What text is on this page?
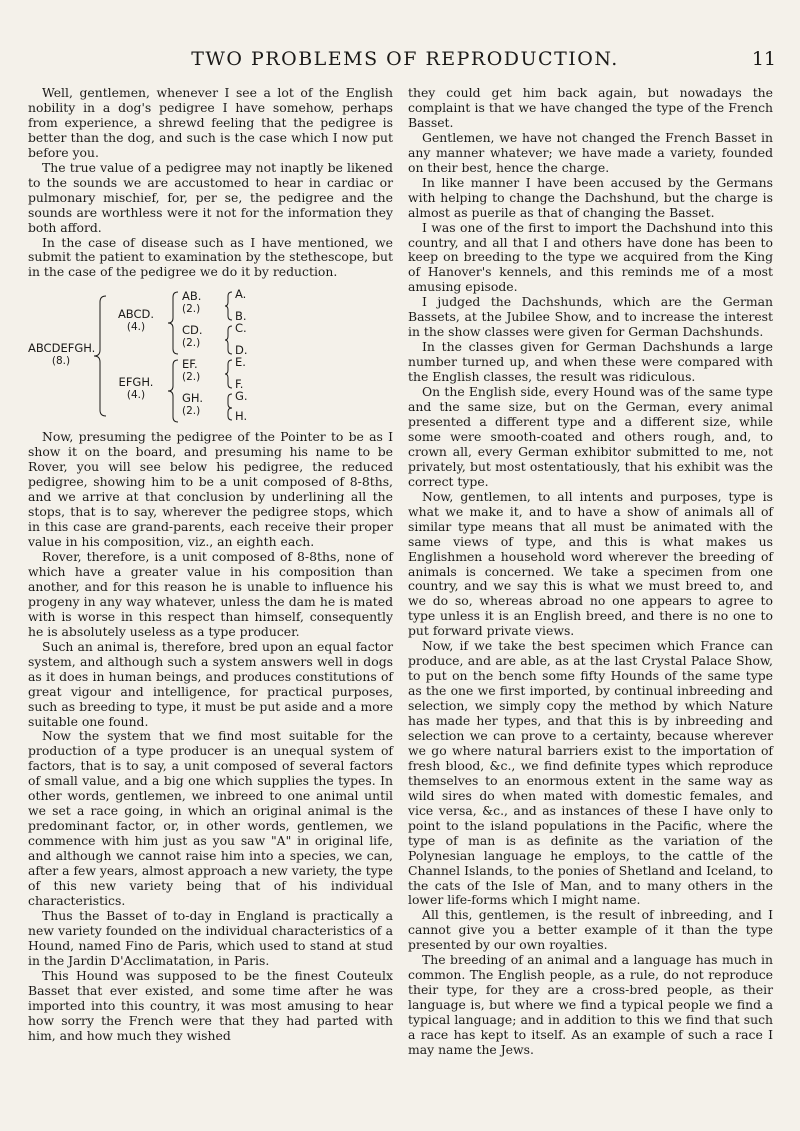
TWO PROBLEMS OF REPRODUCTION.	11

Well, gentlemen, whenever I see a lot of the English nobility in a dog's pedigree I have somehow, perhaps from experience, a shrewd feeling that the pedigree is better than the dog, and such is the case which I now put before you.

The true value of a pedigree may not inaptly be likened to the sounds we are accustomed to hear in cardiac or pulmonary mischief, for, per se, the pedigree and the sounds are worthless were it not for the information they both afford.

In the case of disease such as I have mentioned, we submit the patient to examination by the stethescope, but in the case of the pedigree we do it by reduction.

ABCDEFGH.
(8.)
ABCD.
(4.)
EFGH.
(4.)
AB.
(2.)
CD.
(2.)
EF.
(2.)
GH.
(2.)
A.
B.
C.
D.
E.
F.
G.
H.

Now, presuming the pedigree of the Pointer to be as I show it on the board, and presuming his name to be Rover, you will see below his pedigree, the reduced pedigree, showing him to be a unit composed of 8-8ths, and we arrive at that conclusion by underlining all the stops, that is to say, wherever the pedigree stops, which in this case are grand-parents, each receive their proper value in his composition, viz., an eighth each.

Rover, therefore, is a unit composed of 8-8ths, none of which have a greater value in his composition than another, and for this reason he is unable to influence his progeny in any way whatever, unless the dam he is mated with is worse in this respect than himself, consequently he is absolutely useless as a type producer.

Such an animal is, therefore, bred upon an equal factor system, and although such a system answers well in dogs as it does in human beings, and produces constitutions of great vigour and intelligence, for practical purposes, such as breeding to type, it must be put aside and a more suitable one found.

Now the system that we find most suitable for the production of a type producer is an unequal system of factors, that is to say, a unit composed of several factors of small value, and a big one which supplies the types. In other words, gentlemen, we inbreed to one animal until we set a race going, in which an original animal is the predominant factor, or, in other words, gentlemen, we commence with him just as you saw "A" in original life, and although we cannot raise him into a species, we can, after a few years, almost approach a new variety, the type of this new variety being that of his individual characteristics.

Thus the Basset of to-day in England is practically a new variety founded on the individual characteristics of a Hound, named Fino de Paris, which used to stand at stud in the Jardin D'Acclimatation, in Paris.

This Hound was supposed to be the finest Couteulx Basset that ever existed, and some time after he was imported into this country, it was most amusing to hear how sorry the French were that they had parted with him, and how much they wished

they could get him back again, but nowadays the complaint is that we have changed the type of the French Basset.

Gentlemen, we have not changed the French Basset in any manner whatever; we have made a variety, founded on their best, hence the charge.

In like manner I have been accused by the Germans with helping to change the Dachshund, but the charge is almost as puerile as that of changing the Basset.

I was one of the first to import the Dachshund into this country, and all that I and others have done has been to keep on breeding to the type we acquired from the King of Hanover's kennels, and this reminds me of a most amusing episode.

I judged the Dachshunds, which are the German Bassets, at the Jubilee Show, and to increase the interest in the show classes were given for German Dachshunds.

In the classes given for German Dachshunds a large number turned up, and when these were compared with the English classes, the result was ridiculous.

On the English side, every Hound was of the same type and the same size, but on the German, every animal presented a different type and a different size, while some were smooth-coated and others rough, and, to crown all, every German exhibitor submitted to me, not privately, but most ostentatiously, that his exhibit was the correct type.

Now, gentlemen, to all intents and purposes, type is what we make it, and to have a show of animals all of similar type means that all must be animated with the same views of type, and this is what makes us Englishmen a household word wherever the breeding of animals is concerned. We take a specimen from one country, and we say this is what we must breed to, and we do so, whereas abroad no one appears to agree to type unless it is an English breed, and there is no one to put forward private views.

Now, if we take the best specimen which France can produce, and are able, as at the last Crystal Palace Show, to put on the bench some fifty Hounds of the same type as the one we first imported, by continual inbreeding and selection, we simply copy the method by which Nature has made her types, and that this is by inbreeding and selection we can prove to a certainty, because wherever we go where natural barriers exist to the importation of fresh blood, &c., we find definite types which reproduce themselves to an enormous extent in the same way as wild sires do when mated with domestic females, and vice versa, &c., and as instances of these I have only to point to the island populations in the Pacific, where the type of man is as definite as the variation of the Polynesian language he employs, to the cattle of the Channel Islands, to the ponies of Shetland and Iceland, to the cats of the Isle of Man, and to many others in the lower life-forms which I might name.

All this, gentlemen, is the result of inbreeding, and I cannot give you a better example of it than the type presented by our own royalties.

The breeding of an animal and a language has much in common. The English people, as a rule, do not reproduce their type, for they are a cross-bred people, as their language is, but where we find a typical people we find a typical language; and in addition to this we find that such a race has kept to itself. As an example of such a race I may name the Jews.
